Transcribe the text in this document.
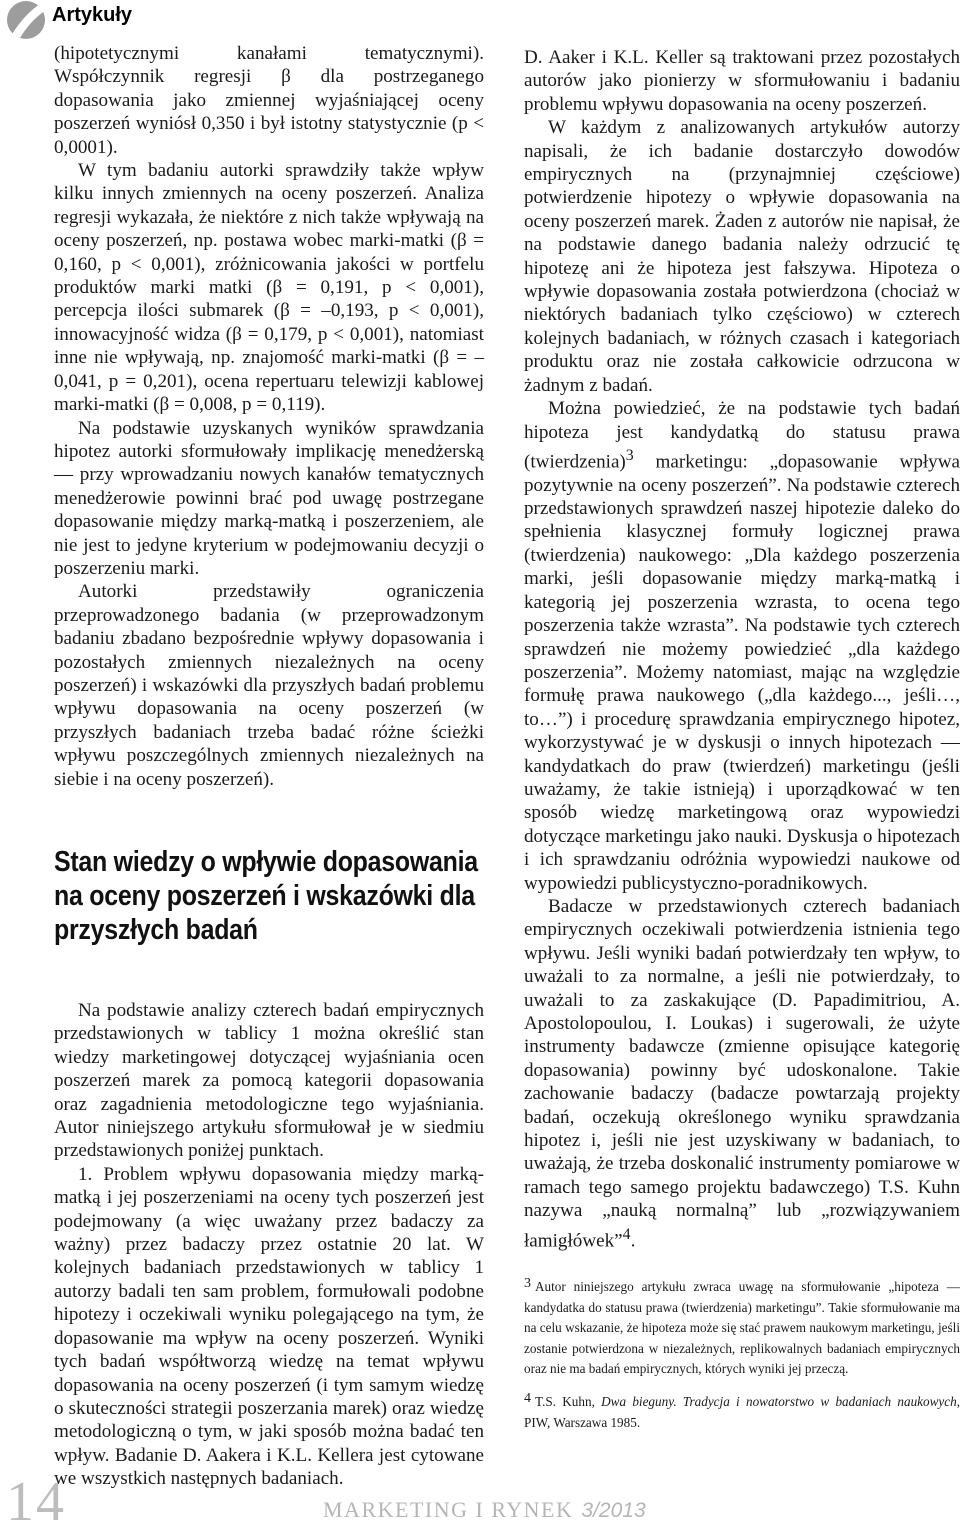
Artykuły

(hipotetycznymi kanałami tematycznymi). Współczynnik regresji β dla postrzeganego dopasowania jako zmiennej wyjaśniającej oceny poszerzeń wyniósł 0,350 i był istotny statystycznie (p < 0,0001).

W tym badaniu autorki sprawdziły także wpływ kilku innych zmiennych na oceny poszerzeń. Analiza regresji wykazała, że niektóre z nich także wpływają na oceny poszerzeń, np. postawa wobec marki-matki (β = 0,160, p < 0,001), zróżnicowania jakości w portfelu produktów marki matki (β = 0,191, p < 0,001), percepcja ilości submarek (β = –0,193, p < 0,001), innowacyjność widza (β = 0,179, p < 0,001), natomiast inne nie wpływają, np. znajomość marki-matki (β = –0,041, p = 0,201), ocena repertuaru telewizji kablowej marki-matki (β = 0,008, p = 0,119).

Na podstawie uzyskanych wyników sprawdzania hipotez autorki sformułowały implikację menedżerską — przy wprowadzaniu nowych kanałów tematycznych menedżerowie powinni brać pod uwagę postrzegane dopasowanie między marką-matką i poszerzeniem, ale nie jest to jedyne kryterium w podejmowaniu decyzji o poszerzeniu marki.

Autorki przedstawiły ograniczenia przeprowadzonego badania (w przeprowadzonym badaniu zbadano bezpośrednie wpływy dopasowania i pozostałych zmiennych niezależnych na oceny poszerzeń) i wskazówki dla przyszłych badań problemu wpływu dopasowania na oceny poszerzeń (w przyszłych badaniach trzeba badać różne ścieżki wpływu poszczególnych zmiennych niezależnych na siebie i na oceny poszerzeń).

Stan wiedzy o wpływie dopasowania na oceny poszerzeń i wskazówki dla przyszłych badań

Na podstawie analizy czterech badań empirycznych przedstawionych w tablicy 1 można określić stan wiedzy marketingowej dotyczącej wyjaśniania ocen poszerzeń marek za pomocą kategorii dopasowania oraz zagadnienia metodologiczne tego wyjaśniania. Autor niniejszego artykułu sformułował je w siedmiu przedstawionych poniżej punktach.

1. Problem wpływu dopasowania między marką-matką i jej poszerzeniami na oceny tych poszerzeń jest podejmowany (a więc uważany przez badaczy za ważny) przez badaczy przez ostatnie 20 lat. W kolejnych badaniach przedstawionych w tablicy 1 autorzy badali ten sam problem, formułowali podobne hipotezy i oczekiwali wyniku polegającego na tym, że dopasowanie ma wpływ na oceny poszerzeń. Wyniki tych badań współtworzą wiedzę na temat wpływu dopasowania na oceny poszerzeń (i tym samym wiedzę o skuteczności strategii poszerzania marek) oraz wiedzę metodologiczną o tym, w jaki sposób można badać ten wpływ. Badanie D. Aakera i K.L. Kellera jest cytowane we wszystkich następnych badaniach.

D. Aaker i K.L. Keller są traktowani przez pozostałych autorów jako pionierzy w sformułowaniu i badaniu problemu wpływu dopasowania na oceny poszerzeń.

W każdym z analizowanych artykułów autorzy napisali, że ich badanie dostarczyło dowodów empirycznych na (przynajmniej częściowe) potwierdzenie hipotezy o wpływie dopasowania na oceny poszerzeń marek. Żaden z autorów nie napisał, że na podstawie danego badania należy odrzucić tę hipotezę ani że hipoteza jest fałszywa. Hipoteza o wpływie dopasowania została potwierdzona (chociaż w niektórych badaniach tylko częściowo) w czterech kolejnych badaniach, w różnych czasach i kategoriach produktu oraz nie została całkowicie odrzucona w żadnym z badań.

Można powiedzieć, że na podstawie tych badań hipoteza jest kandydatką do statusu prawa (twierdzenia)$^3$ marketingu: „dopasowanie wpływa pozytywnie na oceny poszerzeń”. Na podstawie czterech przedstawionych sprawdzeń naszej hipotezie daleko do spełnienia klasycznej formuły logicznej prawa (twierdzenia) naukowego: „Dla każdego poszerzenia marki, jeśli dopasowanie między marką-matką i kategorią jej poszerzenia wzrasta, to ocena tego poszerzenia także wzrasta”. Na podstawie tych czterech sprawdzeń nie możemy powiedzieć „dla każdego poszerzenia”. Możemy natomiast, mając na względzie formułę prawa naukowego („dla każdego..., jeśli…, to…”) i procedurę sprawdzania empirycznego hipotez, wykorzystywać je w dyskusji o innych hipotezach — kandydatkach do praw (twierdzeń) marketingu (jeśli uważamy, że takie istnieją) i uporządkować w ten sposób wiedzę marketingową oraz wypowiedzi dotyczące marketingu jako nauki. Dyskusja o hipotezach i ich sprawdzaniu odróżnia wypowiedzi naukowe od wypowiedzi publicystyczno-poradnikowych.

Badacze w przedstawionych czterech badaniach empirycznych oczekiwali potwierdzenia istnienia tego wpływu. Jeśli wyniki badań potwierdzały ten wpływ, to uważali to za normalne, a jeśli nie potwierdzały, to uważali to za zaskakujące (D. Papadimitriou, A. Apostolopoulou, I. Loukas) i sugerowali, że użyte instrumenty badawcze (zmienne opisujące kategorię dopasowania) powinny być udoskonalone. Takie zachowanie badaczy (badacze powtarzają projekty badań, oczekują określonego wyniku sprawdzania hipotez i, jeśli nie jest uzyskiwany w badaniach, to uważają, że trzeba doskonalić instrumenty pomiarowe w ramach tego samego projektu badawczego) T.S. Kuhn nazywa „nauką normalną” lub „rozwiązywaniem łamigłówek”$^4$.

3 Autor niniejszego artykułu zwraca uwagę na sformułowanie „hipoteza — kandydatka do statusu prawa (twierdzenia) marketingu”. Takie sformułowanie ma na celu wskazanie, że hipoteza może się stać prawem naukowym marketingu, jeśli zostanie potwierdzona w niezależnych, replikowalnych badaniach empirycznych oraz nie ma badań empirycznych, których wyniki jej przeczą.

4 T.S. Kuhn, Dwa bieguny. Tradycja i nowatorstwo w badaniach naukowych, PIW, Warszawa 1985.

14	MARKETING I RYNEK 3/2013
